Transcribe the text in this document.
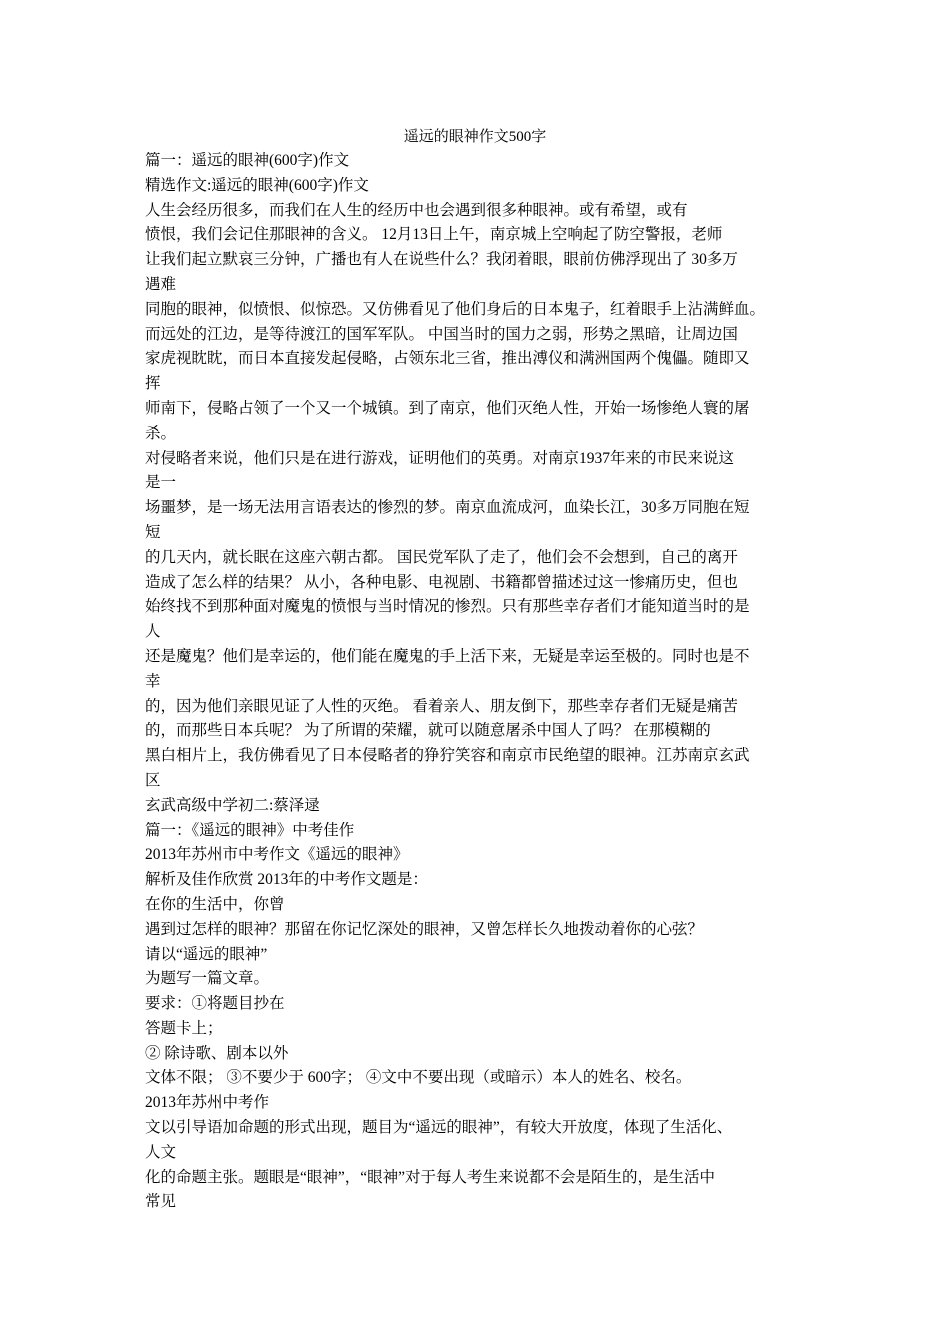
遥远的眼神作文500字
篇一：遥远的眼神(600字)作文
精选作文:遥远的眼神(600字)作文
人生会经历很多，而我们在人生的经历中也会遇到很多种眼神。或有希望，或有
愤恨，我们会记住那眼神的含义。 12月13日上午，南京城上空响起了防空警报，老师
让我们起立默哀三分钟，广播也有人在说些什么？我闭着眼，眼前仿佛浮现出了 30多万
遇难
同胞的眼神，似愤恨、似惊恐。又仿佛看见了他们身后的日本鬼子，红着眼手上沾满鲜血。
而远处的江边，是等待渡江的国军军队。 中国当时的国力之弱，形势之黑暗，让周边国
家虎视眈眈，而日本直接发起侵略，占领东北三省，推出溥仪和满洲国两个傀儡。随即又
挥
师南下，侵略占领了一个又一个城镇。到了南京，他们灭绝人性，开始一场惨绝人寰的屠
杀。
对侵略者来说，他们只是在进行游戏，证明他们的英勇。对南京1937年来的市民来说这
是一
场噩梦，是一场无法用言语表达的惨烈的梦。南京血流成河，血染长江，30多万同胞在短
短
的几天内，就长眠在这座六朝古都。 国民党军队了走了，他们会不会想到，自己的离开
造成了怎么样的结果？ 从小，各种电影、电视剧、书籍都曾描述过这一惨痛历史，但也
始终找不到那种面对魔鬼的愤恨与当时情况的惨烈。只有那些幸存者们才能知道当时的是
人
还是魔鬼？他们是幸运的，他们能在魔鬼的手上活下来，无疑是幸运至极的。同时也是不
幸
的，因为他们亲眼见证了人性的灭绝。 看着亲人、朋友倒下，那些幸存者们无疑是痛苦
的，而那些日本兵呢？ 为了所谓的荣耀，就可以随意屠杀中国人了吗？ 在那模糊的
黑白相片上，我仿佛看见了日本侵略者的狰狞笑容和南京市民绝望的眼神。江苏南京玄武
区
玄武高级中学初二:蔡泽逯
篇一：《遥远的眼神》中考佳作
2013年苏州市中考作文《遥远的眼神》
解析及佳作欣赏 2013年的中考作文题是：
在你的生活中，你曾
遇到过怎样的眼神？那留在你记忆深处的眼神，又曾怎样长久地拨动着你的心弦？
请以“遥远的眼神”
为题写一篇文章。
要求：①将题目抄在
答题卡上；
② 除诗歌、剧本以外
文体不限； ③不要少于 600字； ④文中不要出现（或暗示）本人的姓名、校名。
2013年苏州中考作
文以引导语加命题的形式出现，题目为“遥远的眼神”，有较大开放度，体现了生活化、
人文
化的命题主张。题眼是“眼神”，“眼神”对于每人考生来说都不会是陌生的，是生活中
常见
